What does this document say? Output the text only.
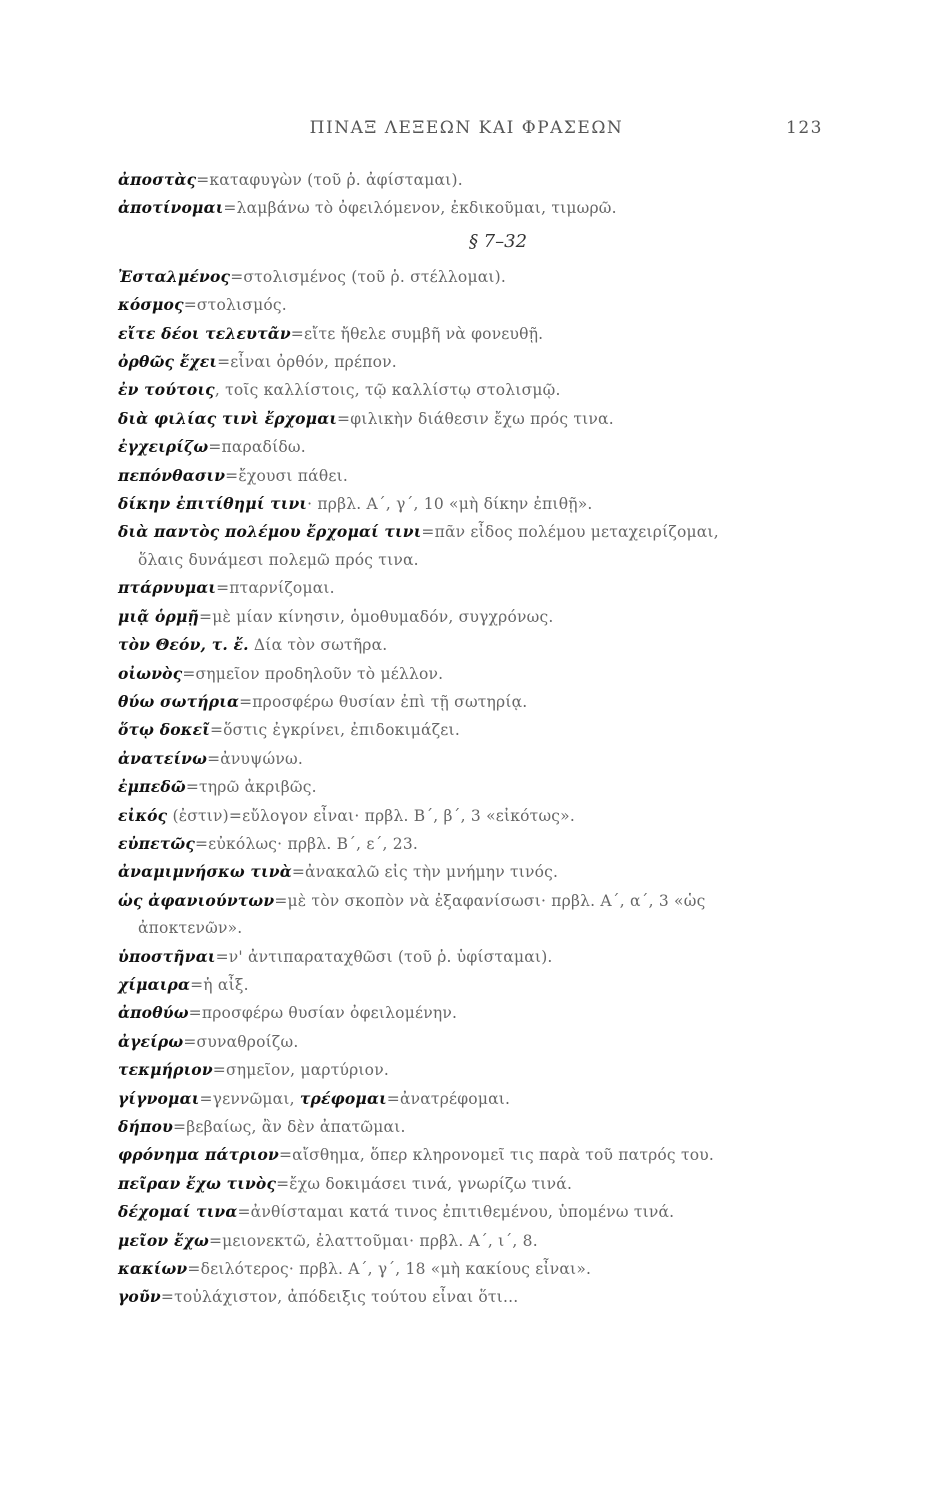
ΠΙΝΑΞ ΛΕΞΕΩΝ ΚΑΙ ΦΡΑΣΕΩΝ	123
ἀποστὰς=καταφυγὼν (τοῦ ῥ. ἀφίσταμαι).
ἀποτίνομαι=λαμβάνω τὸ ὀφειλόμενον, ἐκδικοῦμαι, τιμωρῶ.
§ 7–32
Ἐσταλμένος=στολισμένος (τοῦ ῥ. στέλλομαι).
κόσμος=στολισμός.
εἴτε δέοι τελευτᾶν=εἴτε ἤθελε συμβῆ νὰ φονευθῇ.
ὀρθῶς ἔχει=εἶναι ὀρθόν, πρέπον.
ἐν τούτοις, τοῖς καλλίστοις, τῷ καλλίστῳ στολισμῷ.
διὰ φιλίας τινὶ ἔρχομαι=φιλικὴν διάθεσιν ἔχω πρός τινα.
ἐγχειρίζω=παραδίδω.
πεπόνθασιν=ἔχουσι πάθει.
δίκην ἐπιτίθημί τινι· πρβλ. Α΄, γ΄, 10 «μὴ δίκην ἐπιθῇ».
διὰ παντὸς πολέμου ἔρχομαί τινι=πᾶν εἶδος πολέμου μεταχειρίζομαι,
ὅλαις δυνάμεσι πολεμῶ πρός τινα.
πτάρνυμαι=πταρνίζομαι.
μιᾷ ὁρμῇ=μὲ μίαν κίνησιν, ὁμοθυμαδόν, συγχρόνως.
τὸν Θεόν, τ. ἔ. Δία τὸν σωτῆρα.
οἰωνὸς=σημεῖον προδηλοῦν τὸ μέλλον.
θύω σωτήρια=προσφέρω θυσίαν ἐπὶ τῇ σωτηρίᾳ.
ὅτῳ δοκεῖ=ὅστις ἐγκρίνει, ἐπιδοκιμάζει.
ἀνατείνω=ἀνυψώνω.
ἐμπεδῶ=τηρῶ ἀκριβῶς.
εἰκός (ἐστιν)=εὔλογον εἶναι· πρβλ. Β΄, β΄, 3 «εἰκότως».
εὐπετῶς=εὐκόλως· πρβλ. Β΄, ε΄, 23.
ἀναμιμνήσκω τινὰ=ἀνακαλῶ εἰς τὴν μνήμην τινός.
ὡς ἀφανιούντων=μὲ τὸν σκοπὸν νὰ ἐξαφανίσωσι· πρβλ. Α΄, α΄, 3 «ὡς
ἀποκτενῶν».
ὑποστῆναι=ν' ἀντιπαραταχθῶσι (τοῦ ῥ. ὑφίσταμαι).
χίμαιρα=ἡ αἶξ.
ἀποθύω=προσφέρω θυσίαν ὀφειλομένην.
ἀγείρω=συναθροίζω.
τεκμήριον=σημεῖον, μαρτύριον.
γίγνομαι=γεννῶμαι, τρέφομαι=ἀνατρέφομαι.
δήπου=βεβαίως, ἂν δὲν ἀπατῶμαι.
φρόνημα πάτριον=αἴσθημα, ὅπερ κληρονομεῖ τις παρὰ τοῦ πατρός του.
πεῖραν ἔχω τινὸς=ἔχω δοκιμάσει τινά, γνωρίζω τινά.
δέχομαί τινα=ἀνθίσταμαι κατά τινος ἐπιτιθεμένου, ὑπομένω τινά.
μεῖον ἔχω=μειονεκτῶ, ἐλαττοῦμαι· πρβλ. Α΄, ι΄, 8.
κακίων=δειλότερος· πρβλ. Α΄, γ΄, 18 «μὴ κακίους εἶναι».
γοῦν=τοὐλάχιστον, ἀπόδειξις τούτου εἶναι ὅτι...
